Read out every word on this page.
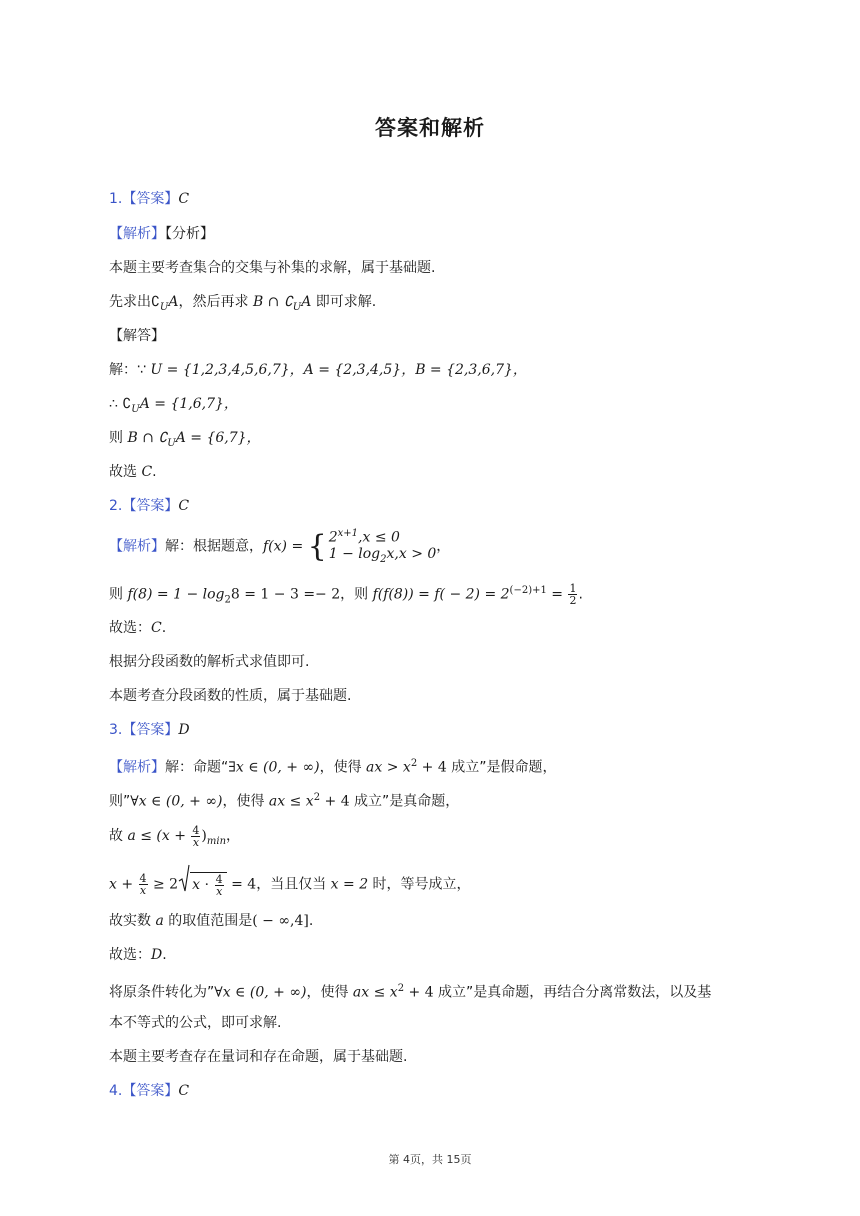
答案和解析
1.【答案】C
【解析】【分析】
本题主要考查集合的交集与补集的求解，属于基础题.
先求出$∁_UA$，然后再求 B ∩ $∁_UA$ 即可求解.
【解答】
解：∵ U = {1,2,3,4,5,6,7}，A = {2,3,4,5}，B = {2,3,6,7}，
∴ $∁_UA = \{1,6,7\}$，
则 B ∩ $∁_UA = \{6,7\}$，
故选 C.
2.【答案】C
【解析】解：根据题意，f(x) = { $2^{x+1},x \le 0$
$1 - \log_2x,x > 0$ ，
则 $f(8) = 1 - \log_28 = 1 - 3 =- 2$，则 $f(f(8)) = f( - 2) = 2^{(-2)+1} = \frac{1}{2}$ .
故选：C.
根据分段函数的解析式求值即可.
本题考查分段函数的性质，属于基础题.
3.【答案】D
【解析】解：命题“∃x ∈ (0, + ∞)，使得 ax > $x^2 + 4$ 成立”是假命题，
则”∀x ∈ (0, + ∞)，使得 ax ≤ $x^2 + 4$ 成立”是真命题，
故 $a \le (x + \frac{4}{x} )_{min}$，
$x + \frac{4}{x} \ge 2$ $x \cdot \frac{4}{x} = 4$，当且仅当 x = 2 时，等号成立，
故实数 a 的取值范围是( − ∞,4].
故选：D.
将原条件转化为”∀x ∈ (0, + ∞)，使得 ax ≤ $x^2 + 4$ 成立”是真命题，再结合分离常数法，以及基
本不等式的公式，即可求解.
本题主要考查存在量词和存在命题，属于基础题.
4.【答案】C
第 4页，共 15页
